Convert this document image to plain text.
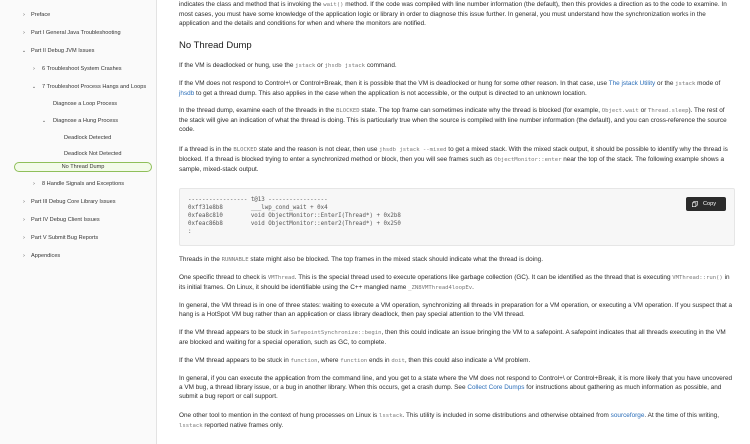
›	Preface
›	Part I General Java Troubleshooting
⌄ Part II Debug JVM Issues
›	6 Troubleshoot System Crashes
⌄	7 Troubleshoot Process Hangs and Loops
Diagnose a Loop Process
⌄	Diagnose a Hung Process
Deadlock Detected
Deadlock Not Detected
No Thread Dump
›	8 Handle Signals and Exceptions
›	Part III Debug Core Library Issues
›	Part IV Debug Client Issues
›	Part V Submit Bug Reports
›	Appendices

indicates the class and method that is invoking the wait() method. If the code was compiled with line number information (the default), then this provides a direction as to the code to examine. In most cases, you must have some knowledge of the application logic or library in order to diagnose this issue further. In general, you must understand how the synchronization works in the application and the details and conditions for when and where the monitors are notified.

No Thread Dump

If the VM is deadlocked or hung, use the jstack or jhsdb jstack command.

If the VM does not respond to Control+\ or Control+Break, then it is possible that the VM is deadlocked or hung for some other reason. In that case, use The jstack Utility or the jstack mode of jhsdb to get a thread dump. This also applies in the case when the application is not accessible, or the output is directed to an unknown location.

In the thread dump, examine each of the threads in the BLOCKED state. The top frame can sometimes indicate why the thread is blocked (for example, Object.wait or Thread.sleep). The rest of the stack will give an indication of what the thread is doing. This is particularly true when the source is compiled with line number information (the default), and you can cross-reference the source code.

If a thread is in the BLOCKED state and the reason is not clear, then use jhsdb jstack --mixed to get a mixed stack. With the mixed stack output, it should be possible to identify why the thread is blocked. If a thread is blocked trying to enter a synchronized method or block, then you will see frames such as ObjectMonitor::enter near the top of the stack. The following example shows a sample, mixed-stack output.

----------------- t@13 -----------------
0xff31e8b8        ___lwp_cond_wait + 0x4
0xfea8c810        void ObjectMonitor::EnterI(Thread*) + 0x2b8
0xfeac86b8        void ObjectMonitor::enter2(Thread*) + 0x250
:
Copy

Threads in the RUNNABLE state might also be blocked. The top frames in the mixed stack should indicate what the thread is doing.

One specific thread to check is VMThread. This is the special thread used to execute operations like garbage collection (GC). It can be identified as the thread that is executing VMThread::run() in its initial frames. On Linux, it should be identifiable using the C++ mangled name _ZN8VMThread4loopEv.

In general, the VM thread is in one of three states: waiting to execute a VM operation, synchronizing all threads in preparation for a VM operation, or executing a VM operation. If you suspect that a hang is a HotSpot VM bug rather than an application or class library deadlock, then pay special attention to the VM thread.

If the VM thread appears to be stuck in SafepointSynchronize::begin, then this could indicate an issue bringing the VM to a safepoint. A safepoint indicates that all threads executing in the VM are blocked and waiting for a special operation, such as GC, to complete.

If the VM thread appears to be stuck in function, where function ends in doit, then this could also indicate a VM problem.

In general, if you can execute the application from the command line, and you get to a state where the VM does not respond to Control+\ or Control+Break, it is more likely that you have uncovered a VM bug, a thread library issue, or a bug in another library. When this occurs, get a crash dump. See Collect Core Dumps for instructions about gathering as much information as possible, and submit a bug report or call support.

One other tool to mention in the context of hung processes on Linux is lsstack. This utility is included in some distributions and otherwise obtained from sourceforge. At the time of this writing, lsstack reported native frames only.
